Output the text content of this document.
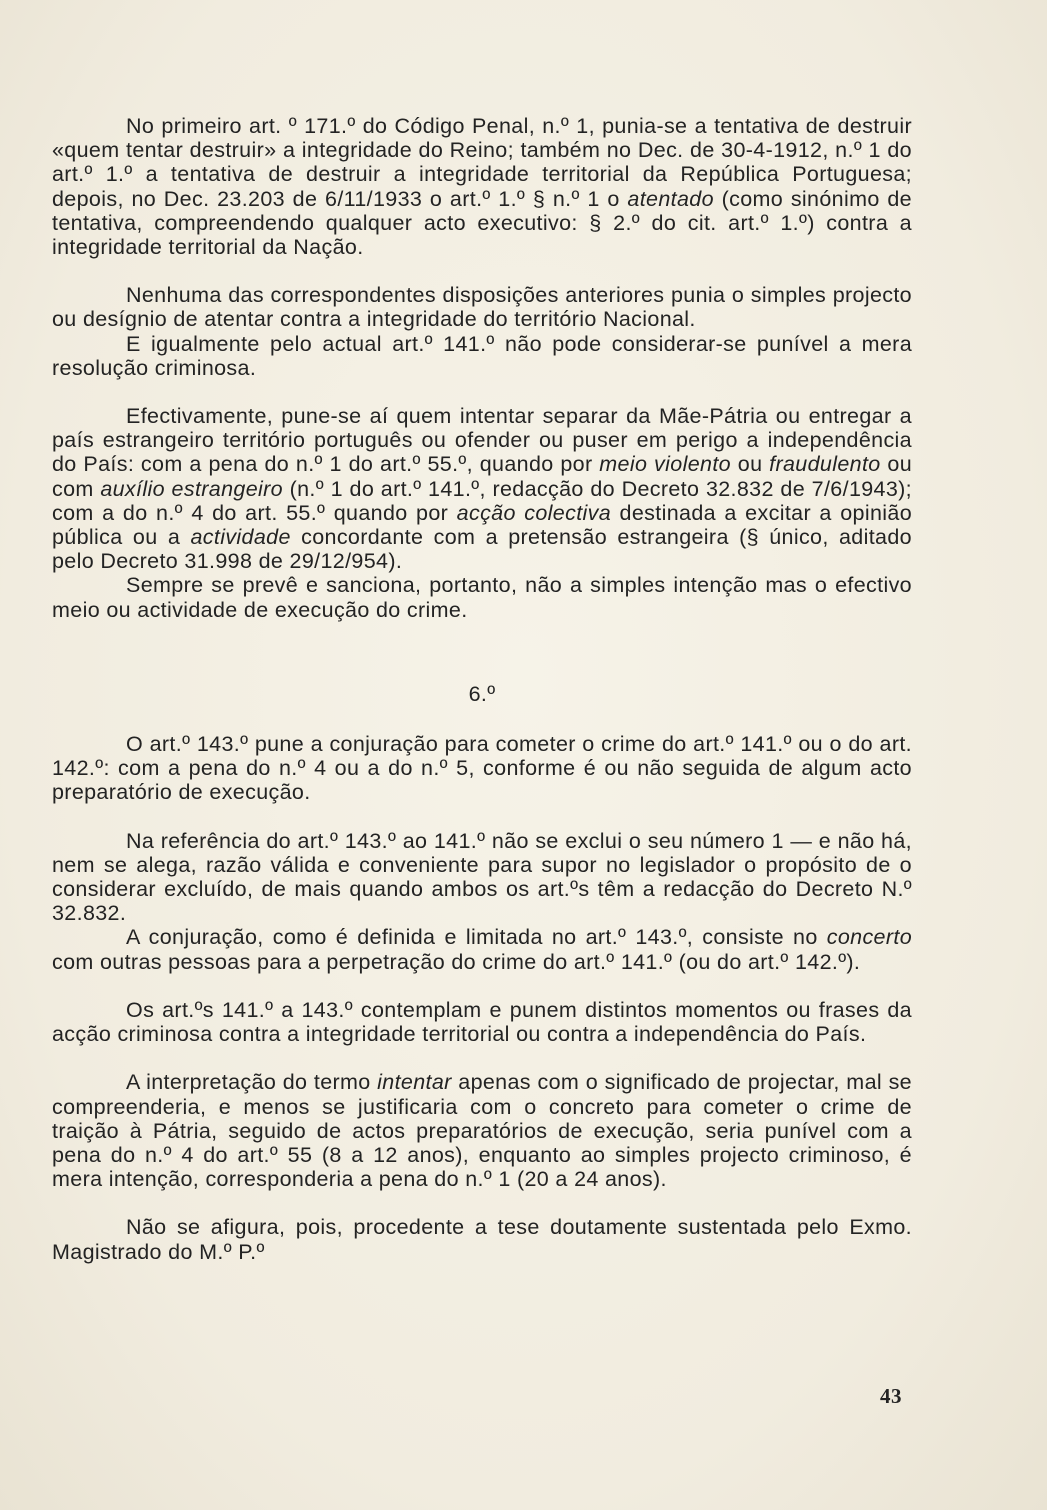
No primeiro art. º 171.º do Código Penal, n.º 1, punia-se a tentativa de destruir «quem tentar destruir» a integridade do Reino; também no Dec. de 30-4-1912, n.º 1 do art.º 1.º a tentativa de destruir a integridade territorial da República Portuguesa; depois, no Dec. 23.203 de 6/11/1933 o art.º 1.º § n.º 1 o atentado (como sinónimo de tentativa, compreendendo qualquer acto executivo: § 2.º do cit. art.º 1.º) contra a integridade territorial da Nação.

Nenhuma das correspondentes disposições anteriores punia o simples projecto ou desígnio de atentar contra a integridade do território Nacional.

E igualmente pelo actual art.º 141.º não pode considerar-se punível a mera resolução criminosa.

Efectivamente, pune-se aí quem intentar separar da Mãe-Pátria ou entregar a país estrangeiro território português ou ofender ou puser em perigo a independência do País: com a pena do n.º 1 do art.º 55.º, quando por meio violento ou fraudulento ou com auxílio estrangeiro (n.º 1 do art.º 141.º, redacção do Decreto 32.832 de 7/6/1943); com a do n.º 4 do art. 55.º quando por acção colectiva destinada a excitar a opinião pública ou a actividade concordante com a pretensão estrangeira (§ único, aditado pelo Decreto 31.998 de 29/12/954).

Sempre se prevê e sanciona, portanto, não a simples intenção mas o efectivo meio ou actividade de execução do crime.

6.º

O art.º 143.º pune a conjuração para cometer o crime do art.º 141.º ou o do art. 142.º: com a pena do n.º 4 ou a do n.º 5, conforme é ou não seguida de algum acto preparatório de execução.

Na referência do art.º 143.º ao 141.º não se exclui o seu número 1 — e não há, nem se alega, razão válida e conveniente para supor no legislador o propósito de o considerar excluído, de mais quando ambos os art.ºs têm a redacção do Decreto N.º 32.832.

A conjuração, como é definida e limitada no art.º 143.º, consiste no concerto com outras pessoas para a perpetração do crime do art.º 141.º (ou do art.º 142.º).

Os art.ºs 141.º a 143.º contemplam e punem distintos momentos ou frases da acção criminosa contra a integridade territorial ou contra a independência do País.

A interpretação do termo intentar apenas com o significado de projectar, mal se compreenderia, e menos se justificaria com o concreto para cometer o crime de traição à Pátria, seguido de actos preparatórios de execução, seria punível com a pena do n.º 4 do art.º 55 (8 a 12 anos), enquanto ao simples projecto criminoso, é mera intenção, corresponderia a pena do n.º 1 (20 a 24 anos).

Não se afigura, pois, procedente a tese doutamente sustentada pelo Exmo. Magistrado do M.º P.º

43
